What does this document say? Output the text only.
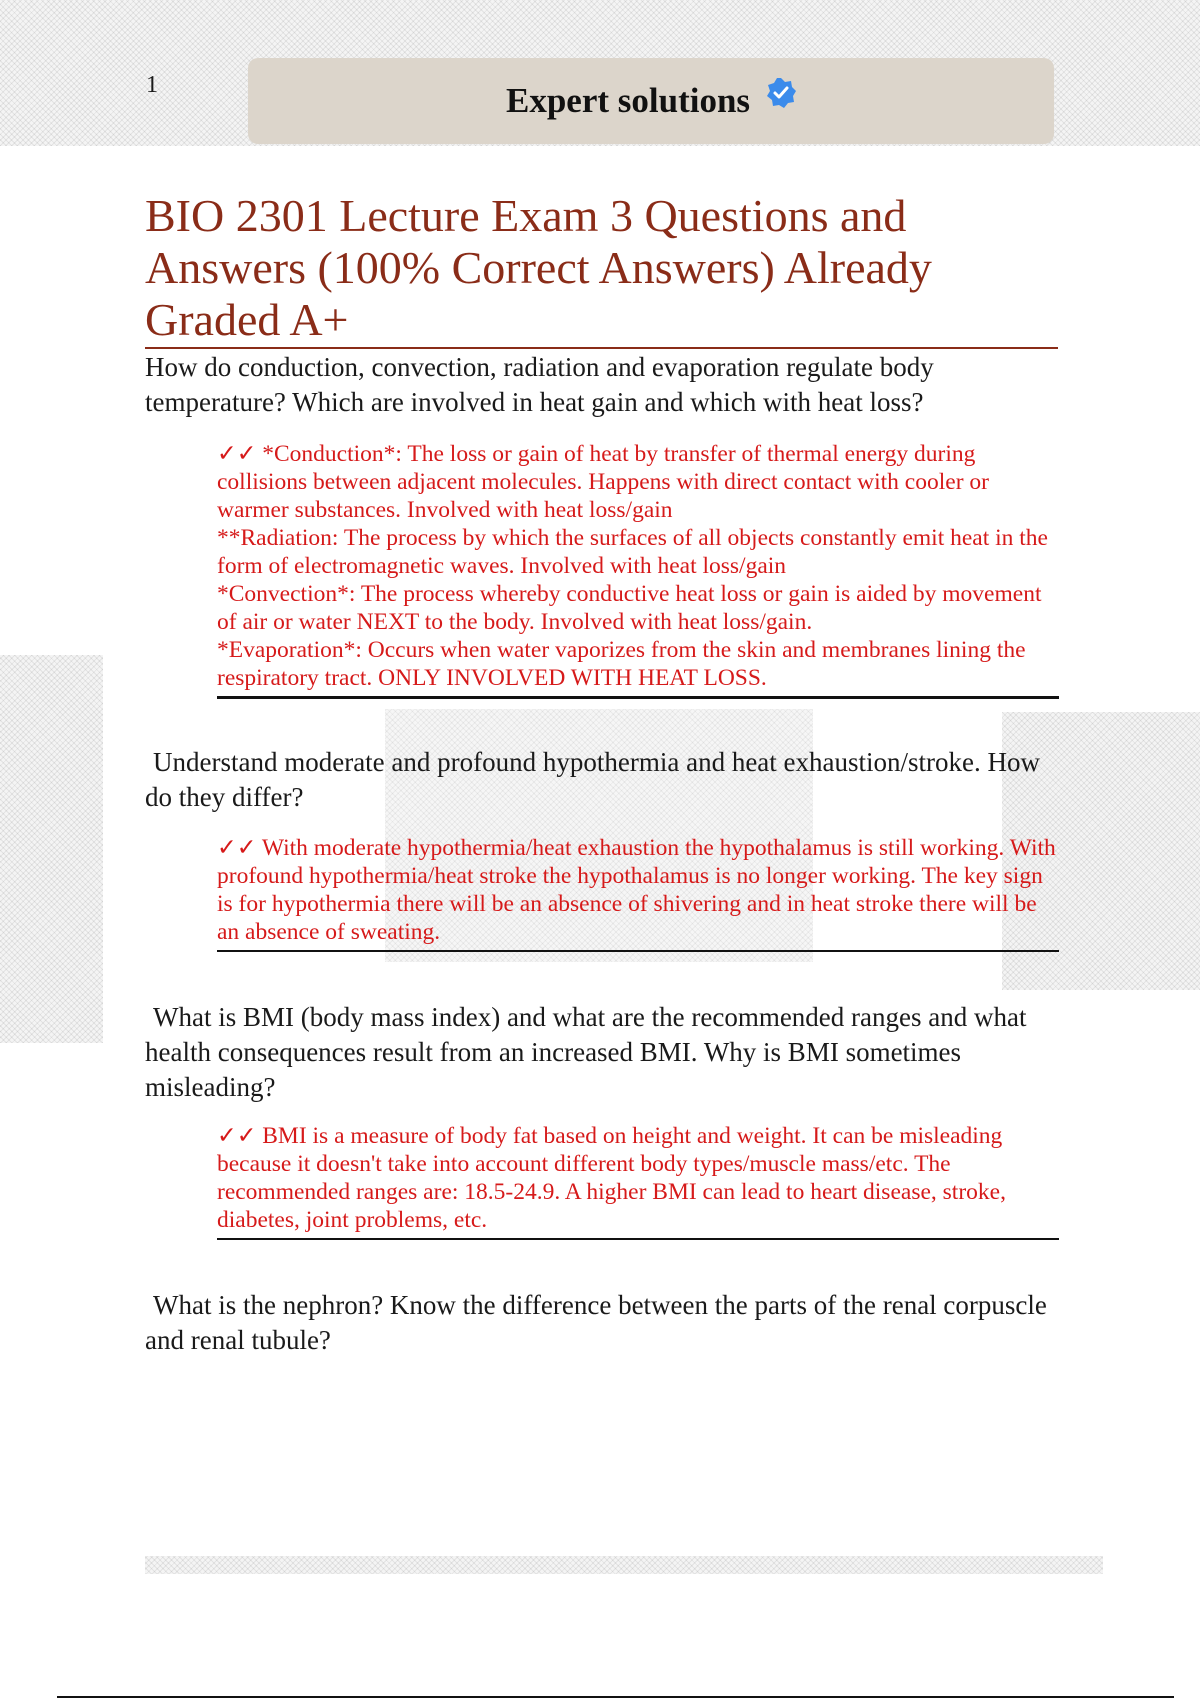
1	Expert solutions
BIO 2301 Lecture Exam 3 Questions and Answers (100% Correct Answers) Already Graded A+

How do conduction, convection, radiation and evaporation regulate body temperature? Which are involved in heat gain and which with heat loss?

✓✓ *Conduction*: The loss or gain of heat by transfer of thermal energy during collisions between adjacent molecules. Happens with direct contact with cooler or warmer substances. Involved with heat loss/gain
**Radiation: The process by which the surfaces of all objects constantly emit heat in the form of electromagnetic waves. Involved with heat loss/gain
*Convection*: The process whereby conductive heat loss or gain is aided by movement of air or water NEXT to the body. Involved with heat loss/gain.
*Evaporation*: Occurs when water vaporizes from the skin and membranes lining the respiratory tract. ONLY INVOLVED WITH HEAT LOSS.

Understand moderate and profound hypothermia and heat exhaustion/stroke. How do they differ?

✓✓ With moderate hypothermia/heat exhaustion the hypothalamus is still working. With profound hypothermia/heat stroke the hypothalamus is no longer working. The key sign is for hypothermia there will be an absence of shivering and in heat stroke there will be an absence of sweating.

What is BMI (body mass index) and what are the recommended ranges and what health consequences result from an increased BMI. Why is BMI sometimes misleading?

✓✓ BMI is a measure of body fat based on height and weight. It can be misleading because it doesn't take into account different body types/muscle mass/etc. The recommended ranges are: 18.5-24.9. A higher BMI can lead to heart disease, stroke, diabetes, joint problems, etc.

What is the nephron? Know the difference between the parts of the renal corpuscle and renal tubule?
